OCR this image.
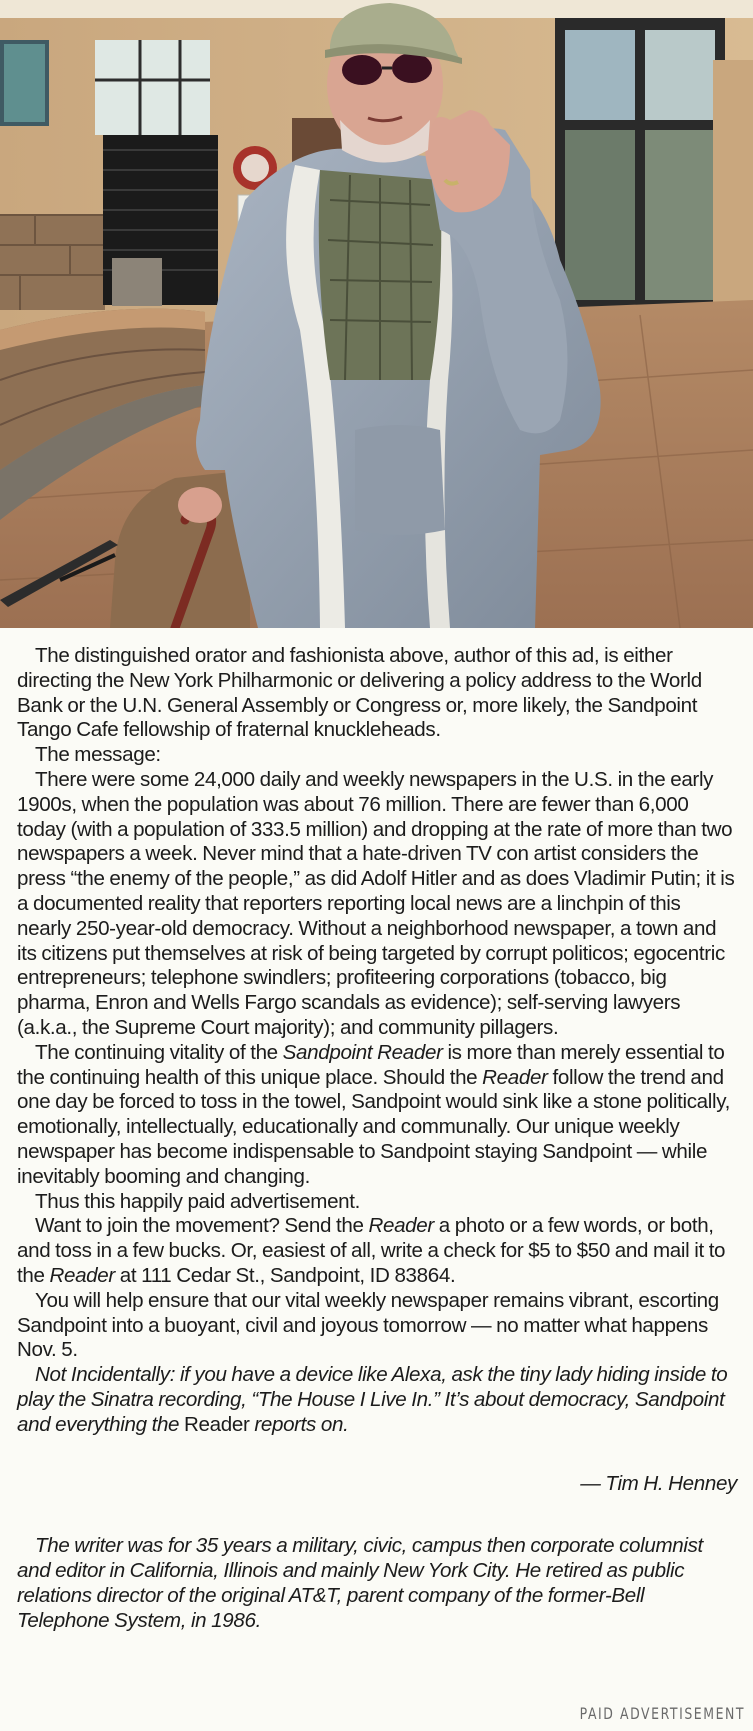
The distinguished orator and fashionista above, author of this ad, is either directing the New York Philharmonic or delivering a policy address to the World Bank or the U.N. General Assembly or Congress or, more likely, the Sandpoint Tango Cafe fellowship of fraternal knuckleheads.

The message:

There were some 24,000 daily and weekly newspapers in the U.S. in the early 1900s, when the population was about 76 million. There are fewer than 6,000 today (with a population of 333.5 million) and dropping at the rate of more than two newspapers a week. Never mind that a hate-driven TV con artist considers the press “the enemy of the people,” as did Adolf Hitler and as does Vladimir Putin; it is a documented reality that reporters reporting local news are a linchpin of this nearly 250-year-old democracy. Without a neighborhood newspaper, a town and its citizens put themselves at risk of being targeted by corrupt politicos; egocentric entrepreneurs; telephone swindlers; profiteering corporations (tobacco, big pharma, Enron and Wells Fargo scandals as evidence); self-serving lawyers (a.k.a., the Supreme Court majority); and community pillagers.

The continuing vitality of the Sandpoint Reader is more than merely essential to the continuing health of this unique place. Should the Reader follow the trend and one day be forced to toss in the towel, Sandpoint would sink like a stone politically, emotionally, intellectually, educationally and communally. Our unique weekly newspaper has become indispensable to Sandpoint staying Sandpoint — while inevitably booming and changing.

Thus this happily paid advertisement.

Want to join the movement? Send the Reader a photo or a few words, or both, and toss in a few bucks. Or, easiest of all, write a check for $5 to $50 and mail it to the Reader at 111 Cedar St., Sandpoint, ID 83864.

You will help ensure that our vital weekly newspaper remains vibrant, escorting Sandpoint into a buoyant, civil and joyous tomorrow — no matter what happens Nov. 5.

Not Incidentally: if you have a device like Alexa, ask the tiny lady hiding inside to play the Sinatra recording, “The House I Live In.” It’s about democracy, Sandpoint and everything the Reader reports on.

— Tim H. Henney

The writer was for 35 years a military, civic, campus then corporate columnist and editor in California, Illinois and mainly New York City. He retired as public relations director of the original AT&T, parent company of the former-Bell Telephone System, in 1986.

PAID ADVERTISEMENT
